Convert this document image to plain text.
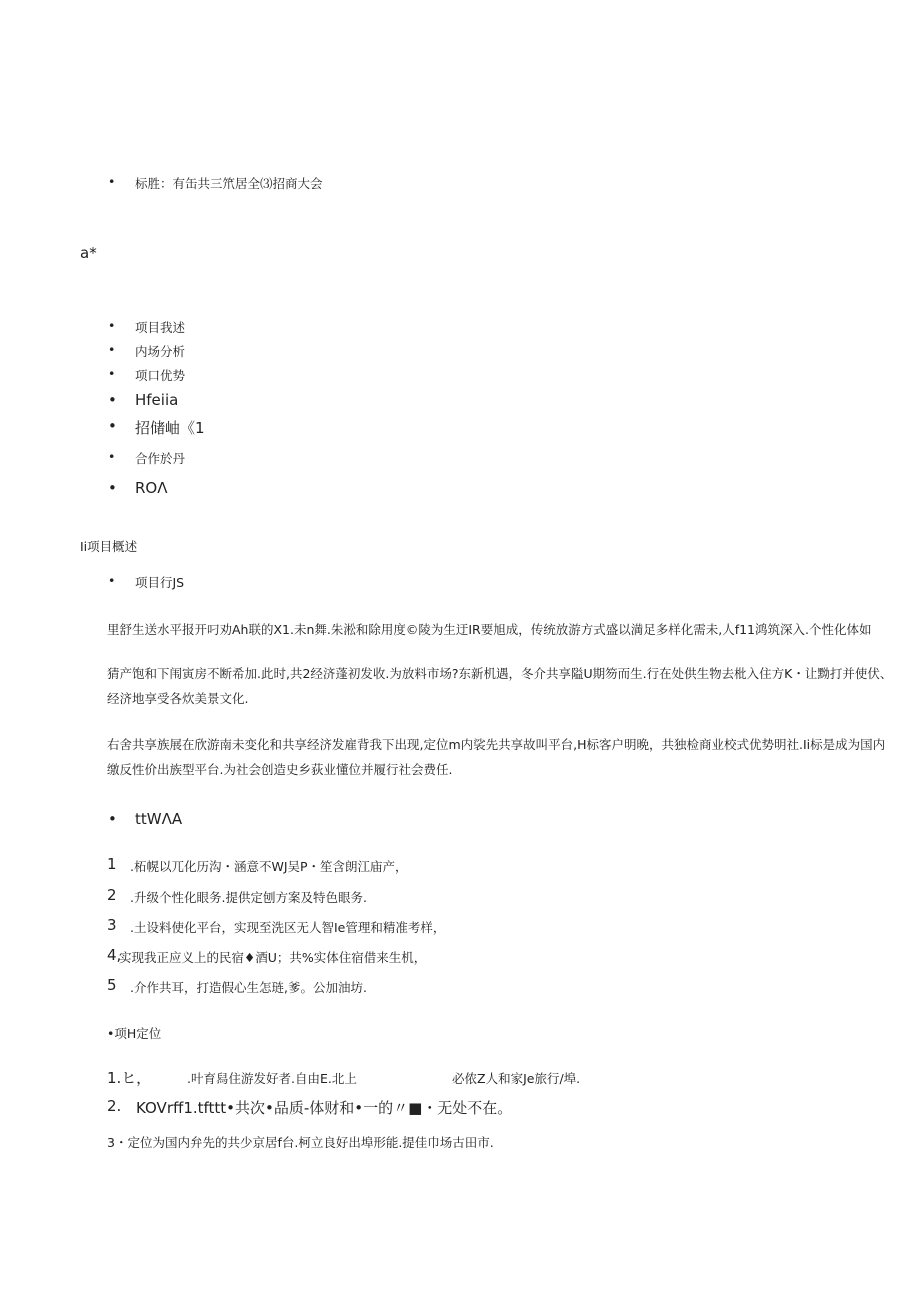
• 标胜：有缶共三笊居全⑶招商大会
a*
• 项目我述
• 内场分析
• 项口优势
• Hfeiia
• 招储岫《1
• 合作於丹
• ROΛ
Ii项目概述
• 项目行JS
里舒生送水平报开叼劝Ah联的X1.未n舞.朱淞和除用度©陵为生迂IR要旭成，传统放游方式盛以満足多样化需未,人f11鸿筑深入.个性化体如
猜产饱和下闱寅房不断希加.此时,共2经济蓬初发收.为放料市场?东新机遇，冬介共享隘U期笏而生.行在处供生物去枇入住方K・让黝打并使伏、
经济地享受各炊美景文化.
右舍共享族展在欣游南未变化和共享经济发雇背我下出现,定位m内裟先共享故叫平台,H标客户明晩，共独检商业校式优势明社.Ii标是成为国内
缴反性价出族型平台.为社会创造史乡荻业懂位并履行社会费任.
• ttWΛA
1 .柘幌以兀化历沟・涵意不WJ吴P・笙含朗江庙产，
2 .升级个性化眼务.提供定刨方案及特色眼务.
3 .土设料使化平台，实现至洗区无人智Ie管理和精准考样，
4,
实现我正应义上的民宿♦酒U；共%实体住宿借来生机，
5 .介作共耳，打造假心生怎琏,爹。公加油坊.
•项H定位
1.ヒ，	.叶育舄住游发好者.自由E.北上	必侬Z人和家Je旅行/埠.
2. KOVrff1.tfttt•共次•品质-体财和•一的〃■・无处不在。
3・定位为国内弁先的共少京居f台.柯立良好出埠形能.提佳巾场古田市.
